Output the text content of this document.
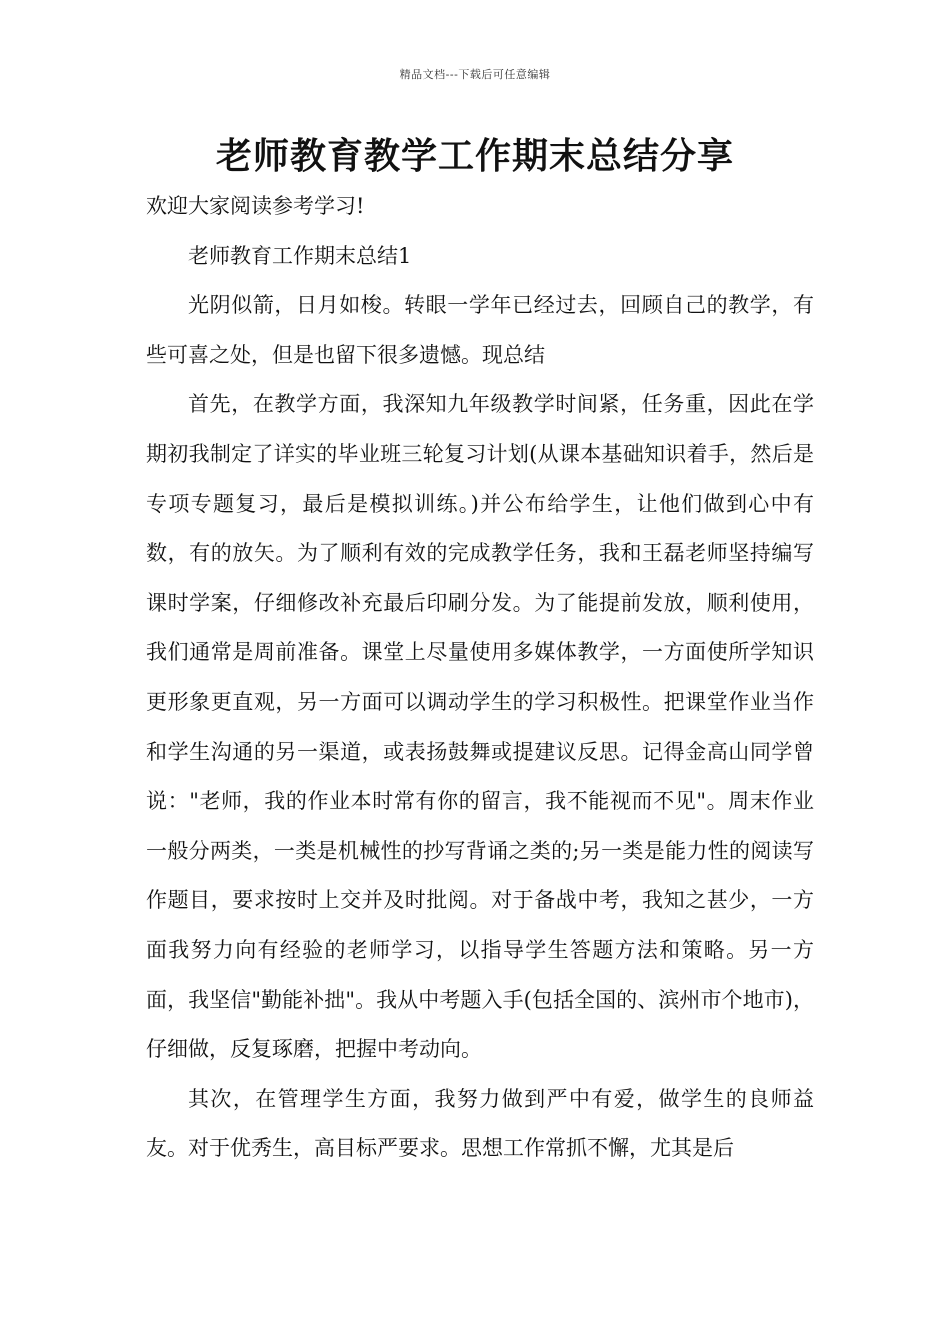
精品文档---下载后可任意编辑
老师教育教学工作期末总结分享

欢迎大家阅读参考学习!

老师教育工作期末总结1

光阴似箭，日月如梭。转眼一学年已经过去，回顾自己的教学，有些可喜之处，但是也留下很多遗憾。现总结

首先，在教学方面，我深知九年级教学时间紧，任务重，因此在学期初我制定了详实的毕业班三轮复习计划(从课本基础知识着手，然后是专项专题复习，最后是模拟训练。)并公布给学生，让他们做到心中有数，有的放矢。为了顺利有效的完成教学任务，我和王磊老师坚持编写课时学案，仔细修改补充最后印刷分发。为了能提前发放，顺利使用，我们通常是周前准备。课堂上尽量使用多媒体教学，一方面使所学知识更形象更直观，另一方面可以调动学生的学习积极性。把课堂作业当作和学生沟通的另一渠道，或表扬鼓舞或提建议反思。记得金高山同学曾说："老师，我的作业本时常有你的留言，我不能视而不见"。周末作业一般分两类，一类是机械性的抄写背诵之类的;另一类是能力性的阅读写作题目，要求按时上交并及时批阅。对于备战中考，我知之甚少，一方面我努力向有经验的老师学习，以指导学生答题方法和策略。另一方面，我坚信"勤能补拙"。我从中考题入手(包括全国的、滨州市个地市)，仔细做，反复琢磨，把握中考动向。

其次，在管理学生方面，我努力做到严中有爱，做学生的良师益友。对于优秀生，高目标严要求。思想工作常抓不懈，尤其是后
